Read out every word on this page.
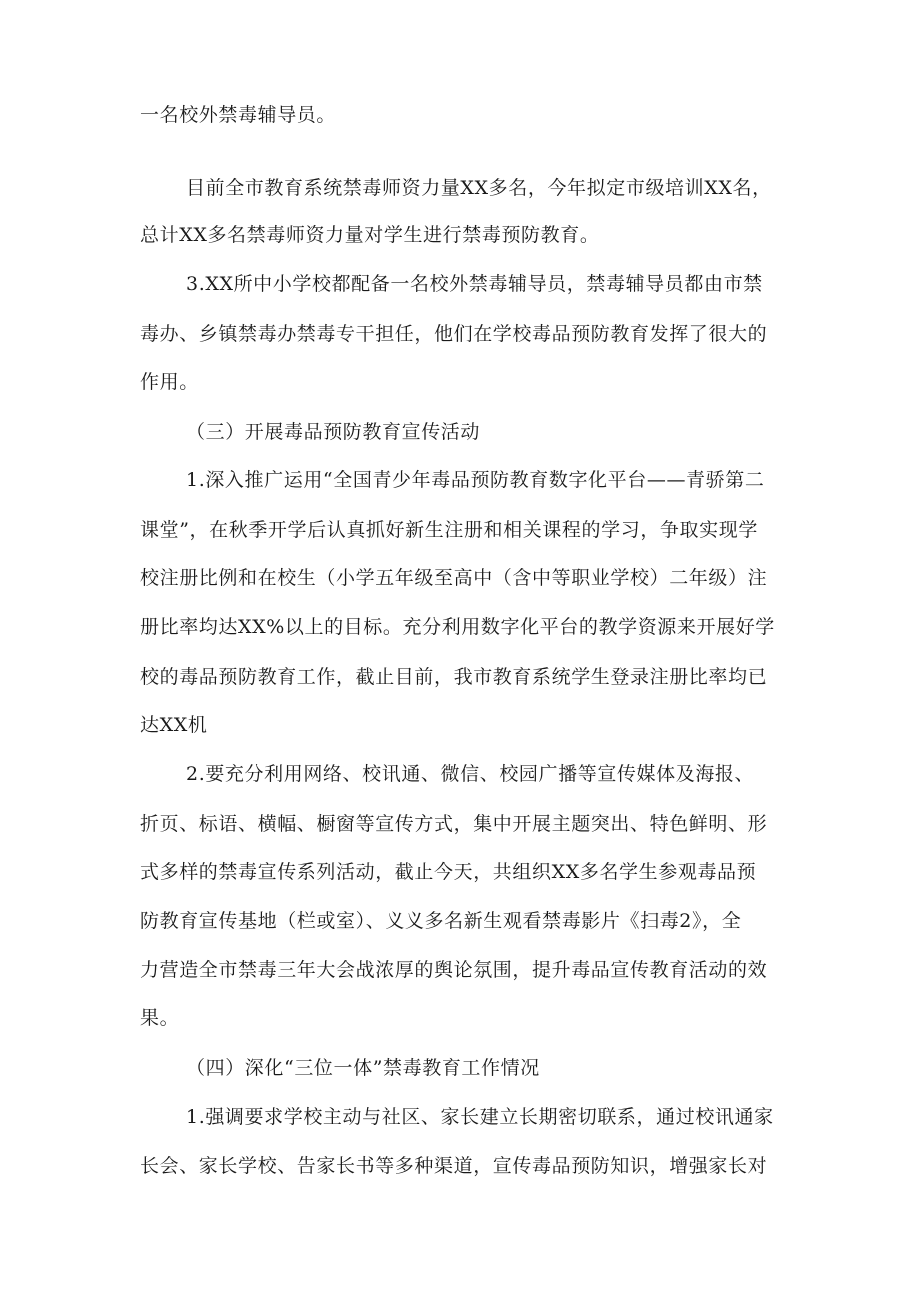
一名校外禁毒辅导员。
目前全市教育系统禁毒师资力量XX多名，今年拟定市级培训XX名，
总计XX多名禁毒师资力量对学生进行禁毒预防教育。
3.XX所中小学校都配备一名校外禁毒辅导员，禁毒辅导员都由市禁
毒办、乡镇禁毒办禁毒专干担任，他们在学校毒品预防教育发挥了很大的
作用。
（三）开展毒品预防教育宣传活动
1.深入推广运用“全国青少年毒品预防教育数字化平台——青骄第二
课堂”，在秋季开学后认真抓好新生注册和相关课程的学习，争取实现学
校注册比例和在校生（小学五年级至高中（含中等职业学校）二年级）注
册比率均达XX%以上的目标。充分利用数字化平台的教学资源来开展好学
校的毒品预防教育工作，截止目前，我市教育系统学生登录注册比率均已
达XX机
2.要充分利用网络、校讯通、微信、校园广播等宣传媒体及海报、
折页、标语、横幅、橱窗等宣传方式，集中开展主题突出、特色鲜明、形
式多样的禁毒宣传系列活动，截止今天，共组织XX多名学生参观毒品预
防教育宣传基地（栏或室）、义义多名新生观看禁毒影片《扫毒2》，全
力营造全市禁毒三年大会战浓厚的舆论氛围，提升毒品宣传教育活动的效
果。
（四）深化“三位一体”禁毒教育工作情况
1.强调要求学校主动与社区、家长建立长期密切联系，通过校讯通家
长会、家长学校、告家长书等多种渠道，宣传毒品预防知识，增强家长对
